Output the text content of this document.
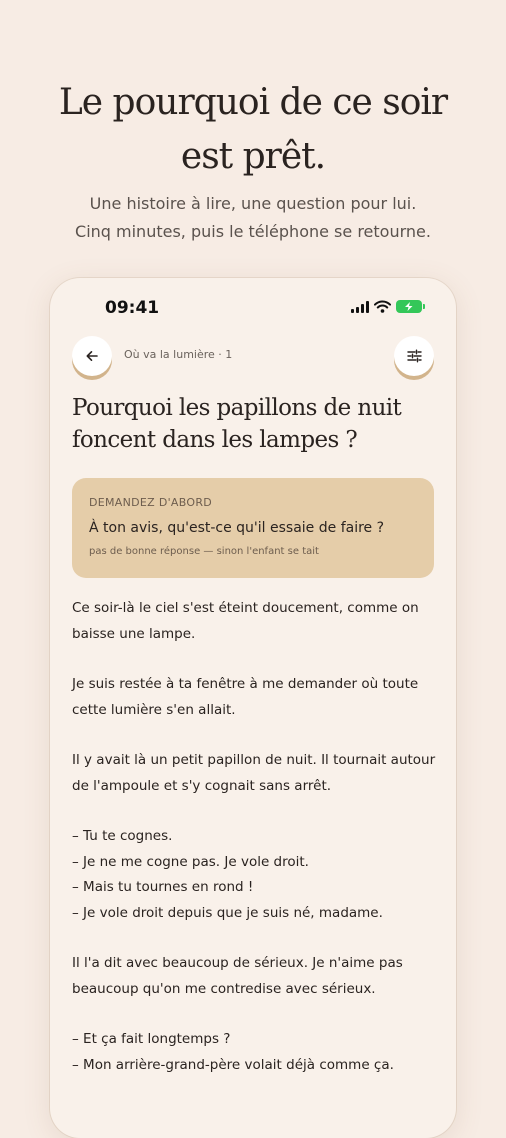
Le pourquoi de ce soir
est prêt.

Une histoire à lire, une question pour lui.
Cinq minutes, puis le téléphone se retourne.

09:41
Où va la lumière · 1
Pourquoi les papillons de nuit
foncent dans les lampes ?
DEMANDEZ D'ABORD
À ton avis, qu'est-ce qu'il essaie de faire ?
pas de bonne réponse — sinon l'enfant se tait

Ce soir-là le ciel s'est éteint doucement, comme on
baisse une lampe.

Je suis restée à ta fenêtre à me demander où toute
cette lumière s'en allait.

Il y avait là un petit papillon de nuit. Il tournait autour
de l'ampoule et s'y cognait sans arrêt.

– Tu te cognes.
– Je ne me cogne pas. Je vole droit.
– Mais tu tournes en rond !
– Je vole droit depuis que je suis né, madame.

Il l'a dit avec beaucoup de sérieux. Je n'aime pas
beaucoup qu'on me contredise avec sérieux.

– Et ça fait longtemps ?
– Mon arrière-grand-père volait déjà comme ça.
